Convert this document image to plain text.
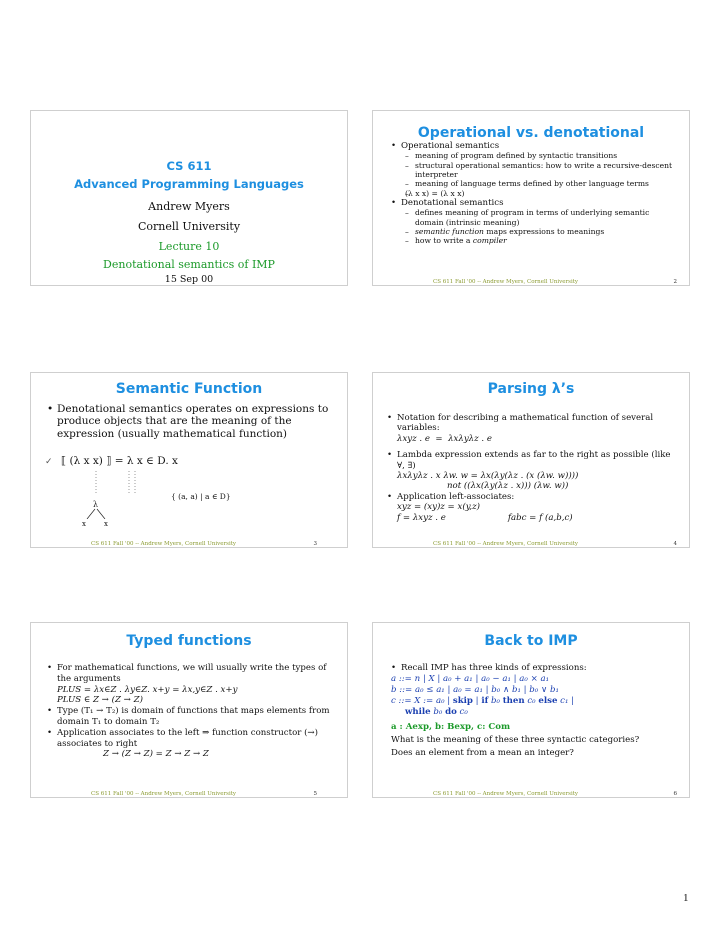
CS 611
Advanced Programming Languages
Andrew Myers
Cornell University
Lecture 10
Denotational semantics of IMP
15 Sep 00
Operational vs. denotational

• Operational semantics

– meaning of program defined by syntactic transitions

– structural operational semantics: how to write a recursive-descent interpreter

– meaning of language terms defined by other language terms

– (λ x x) = (λ x x)

• Denotational semantics

– defines meaning of program in terms of underlying semantic domain (intrinsic meaning)

– semantic function maps expressions to meanings

– how to write a compiler

CS 611 Fall '00 -- Andrew Myers, Cornell University	2
Semantic Function

• Denotational semantics operates on expressions to produce objects that are the meaning of the expression (usually mathematical function)

✓ ⟦ (λ x x) ⟧ = λ x ∈ D. x
λ
x	x
{ (a, a) | a ∈ D}
CS 611 Fall '00 -- Andrew Myers, Cornell University	3
Parsing λ’s

• Notation for describing a mathematical function of several variables:

λxyz . e  =  λxλyλz . e

• Lambda expression extends as far to the right as possible (like ∀, ∃)

λxλyλz . x λw. w = λx(λy(λz . (x (λw. w))))

not ((λx(λy(λz . x))) (λw. w))

• Application left-associates:

xyz = (xy)z = x(y,z)

f = λxyz . e	fabc = f (a,b,c)

CS 611 Fall '00 -- Andrew Myers, Cornell University	4
Typed functions

• For mathematical functions, we will usually write the types of the arguments

PLUS = λx∈Z . λy∈Z. x+y = λx,y∈Z . x+y

PLUS ∈ Z → (Z → Z)

• Type (T₁ → T₂) is domain of functions that maps elements from domain T₁ to domain T₂

• Application associates to the left ⇒ function constructor (→) associates to right

Z → (Z → Z) = Z → Z → Z

CS 611 Fall '00 -- Andrew Myers, Cornell University	5
Back to IMP

• Recall IMP has three kinds of expressions:

a ::= n | X | a₀ + a₁ | a₀ − a₁ | a₀ × a₁

b ::= a₀ ≤ a₁ | a₀ = a₁ | b₀ ∧ b₁ | b₀ ∨ b₁

c ::= X := a₀ | skip | if b₀ then c₀ else c₁ |

while b₀ do c₀

a : Aexp, b: Bexp, c: Com

What is the meaning of these three syntactic categories?

Does an element from a mean an integer?

CS 611 Fall '00 -- Andrew Myers, Cornell University	6
1
